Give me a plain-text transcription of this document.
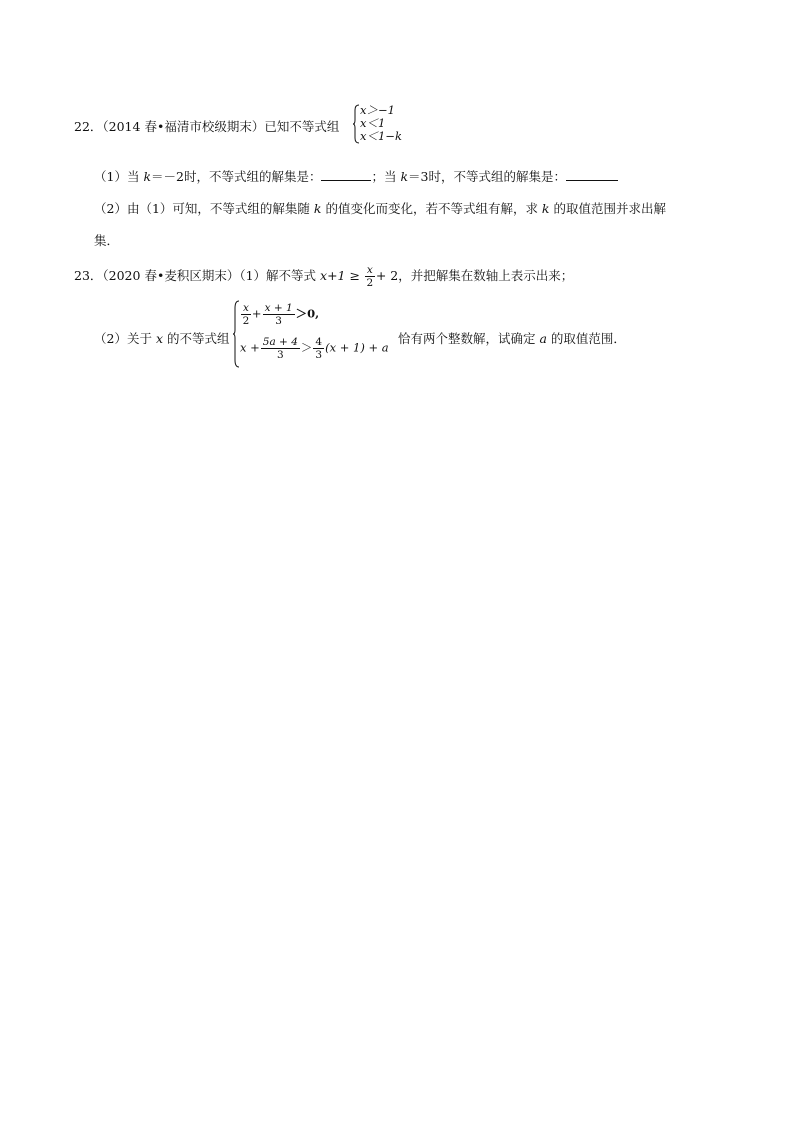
22．（2014 春•福清市校级期末）已知不等式组
x＞−1
x＜1
x＜1−k
（1）当 k＝－2时，不等式组的解集是：	；当 k＝3时，不等式组的解集是：
（2）由（1）可知，不等式组的解集随 k 的值变化而变化，若不等式组有解，求 k 的取值范围并求出解
集．
23．（2020 春•麦积区期末）（1）解不等式 $x+1 \ge \frac{x}{2} + 2$，并把解集在数轴上表示出来；
（2）关于 x 的不等式组
$\frac{x}{2} + \frac{x + 1}{3} >0$,
$x + \frac{5a + 4}{3} > \frac{4}{3} (x + 1) + a$
恰有两个整数解，试确定 a 的取值范围．
